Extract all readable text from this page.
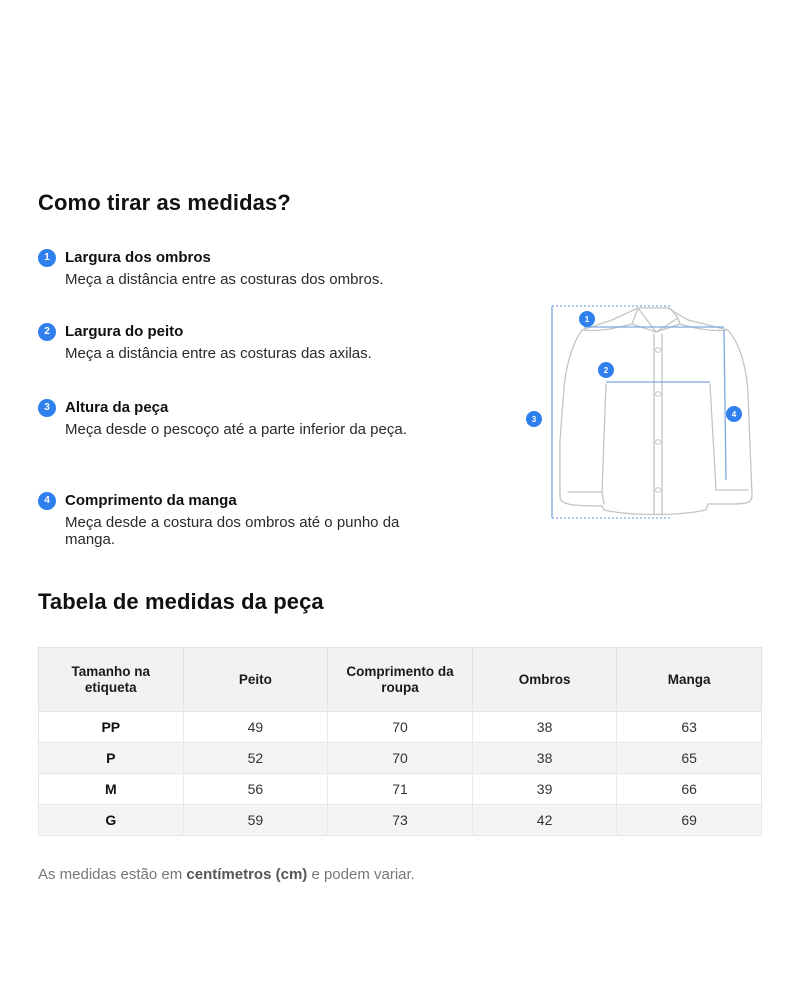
Como tirar as medidas?
1	Largura dos ombros
Meça a distância entre as costuras dos ombros.
2	Largura do peito
Meça a distância entre as costuras das axilas.
3	Altura da peça
Meça desde o pescoço até a parte inferior da peça.
4	Comprimento da manga
Meça desde a costura dos ombros até o punho da manga.
1
2
3
4
Tabela de medidas da peça
Tamanho na etiqueta	Peito	Comprimento da roupa	Ombros	Manga
PP	49	70	38	63
P	52	70	38	65
M	56	71	39	66
G	59	73	42	69
As medidas estão em centímetros (cm) e podem variar.
